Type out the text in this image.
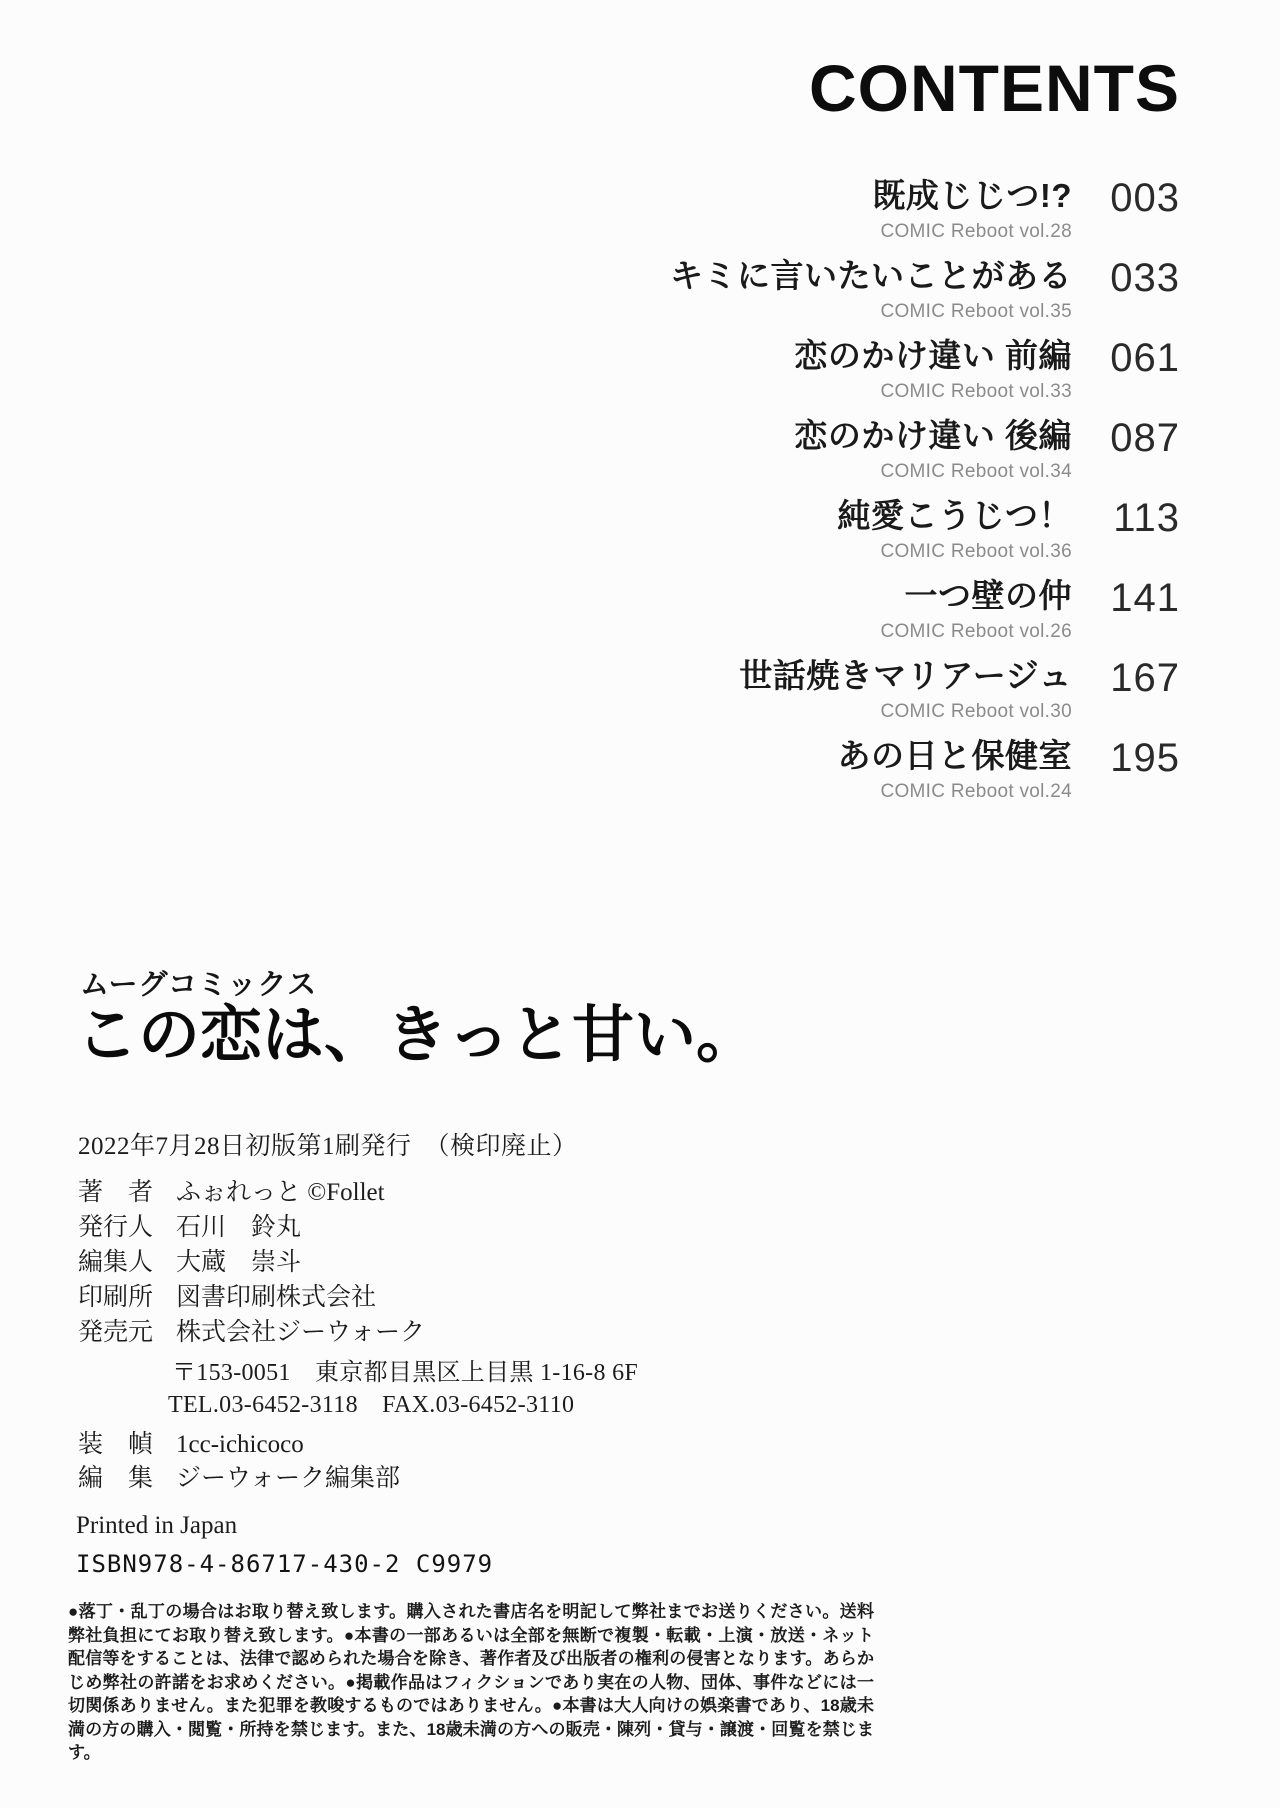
CONTENTS
既成じじつ!?
COMIC Reboot vol.28
003
キミに言いたいことがある
COMIC Reboot vol.35
033
恋のかけ違い 前編
COMIC Reboot vol.33
061
恋のかけ違い 後編
COMIC Reboot vol.34
087
純愛こうじつ！
COMIC Reboot vol.36
113
一つ壁の仲
COMIC Reboot vol.26
141
世話焼きマリアージュ
COMIC Reboot vol.30
167
あの日と保健室
COMIC Reboot vol.24
195
ムーグコミックス
この恋は、きっと甘い。
2022年7月28日初版第1刷発行　（検印廃止）
著　者 ふぉれっと ©Follet
発行人 石川　鈴丸
編集人 大蔵　崇斗
印刷所 図書印刷株式会社
発売元 株式会社ジーウォーク
〒153-0051　東京都目黒区上目黒 1-16-8 6F
TEL.03-6452-3118　FAX.03-6452-3110
装　幀 1cc-ichicoco
編　集 ジーウォーク編集部
Printed in Japan
ISBN978-4-86717-430-2 C9979
●落丁・乱丁の場合はお取り替え致します。購入された書店名を明記して弊社までお送りください。送料弊社負担にてお取り替え致します。●本書の一部あるいは全部を無断で複製・転載・上演・放送・ネット配信等をすることは、法律で認められた場合を除き、著作者及び出版者の権利の侵害となります。あらかじめ弊社の許諾をお求めください。●掲載作品はフィクションであり実在の人物、団体、事件などには一切関係ありません。また犯罪を教唆するものではありません。●本書は大人向けの娯楽書であり、18歳未満の方の購入・閲覧・所持を禁じます。また、18歳未満の方への販売・陳列・貸与・譲渡・回覧を禁じます。
